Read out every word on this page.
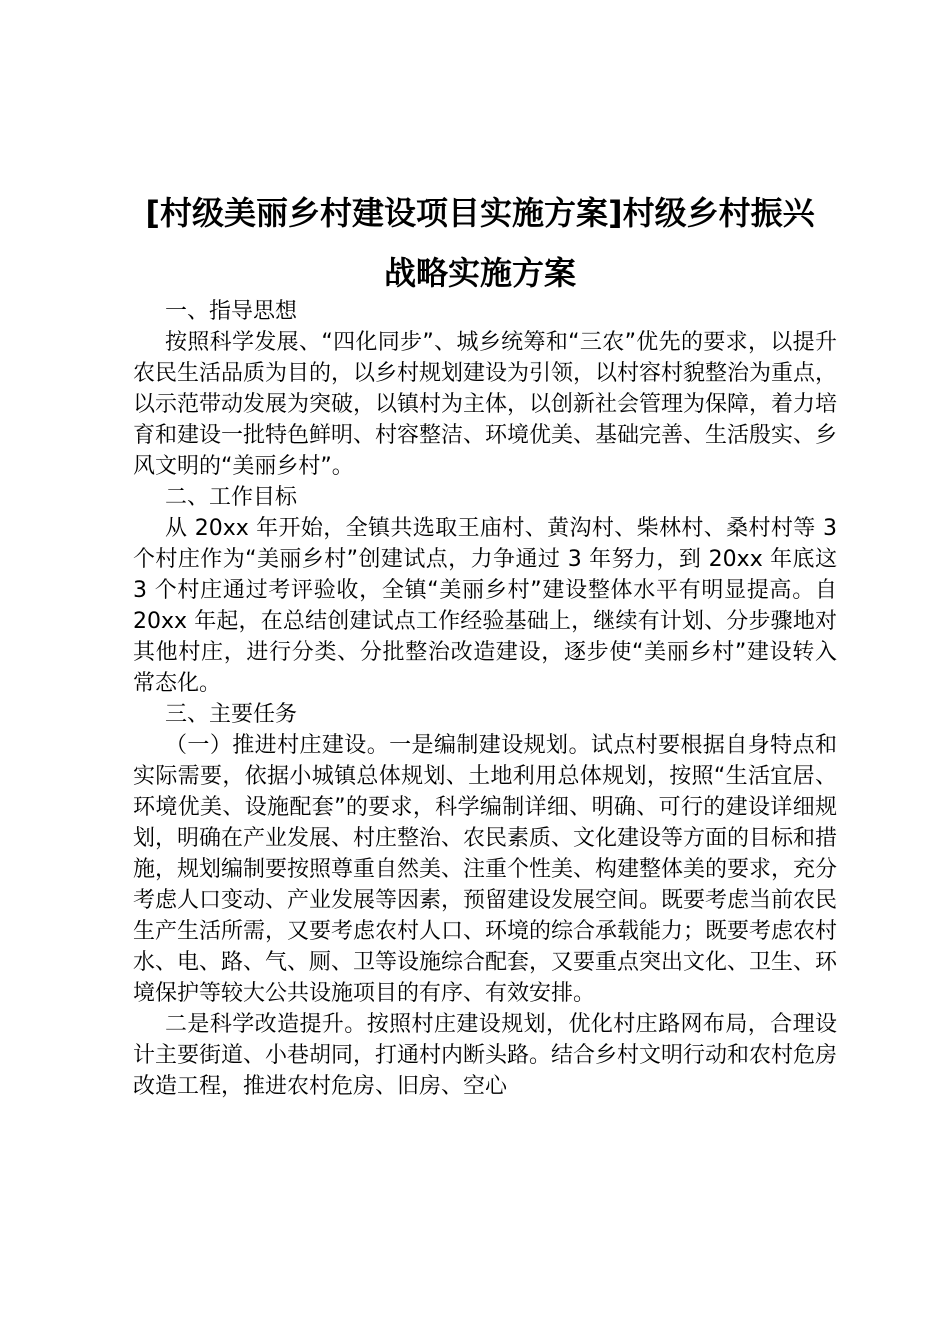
[村级美丽乡村建设项目实施方案]村级乡村振兴战略实施方案

一、指导思想

按照科学发展、“四化同步”、城乡统筹和“三农”优先的要求，以提升农民生活品质为目的，以乡村规划建设为引领，以村容村貌整治为重点，以示范带动发展为突破，以镇村为主体，以创新社会管理为保障，着力培育和建设一批特色鲜明、村容整洁、环境优美、基础完善、生活殷实、乡风文明的“美丽乡村”。

二、工作目标

从 20xx 年开始，全镇共选取王庙村、黄沟村、柴林村、桑村村等 3 个村庄作为“美丽乡村”创建试点，力争通过 3 年努力，到 20xx 年底这 3 个村庄通过考评验收，全镇“美丽乡村”建设整体水平有明显提高。自 20xx 年起，在总结创建试点工作经验基础上，继续有计划、分步骤地对其他村庄，进行分类、分批整治改造建设，逐步使“美丽乡村”建设转入常态化。

三、主要任务

（一）推进村庄建设。一是编制建设规划。试点村要根据自身特点和实际需要，依据小城镇总体规划、土地利用总体规划，按照“生活宜居、环境优美、设施配套”的要求，科学编制详细、明确、可行的建设详细规划，明确在产业发展、村庄整治、农民素质、文化建设等方面的目标和措施，规划编制要按照尊重自然美、注重个性美、构建整体美的要求，充分考虑人口变动、产业发展等因素，预留建设发展空间。既要考虑当前农民生产生活所需，又要考虑农村人口、环境的综合承载能力；既要考虑农村水、电、路、气、厕、卫等设施综合配套，又要重点突出文化、卫生、环境保护等较大公共设施项目的有序、有效安排。

二是科学改造提升。按照村庄建设规划，优化村庄路网布局，合理设计主要街道、小巷胡同，打通村内断头路。结合乡村文明行动和农村危房改造工程，推进农村危房、旧房、空心
